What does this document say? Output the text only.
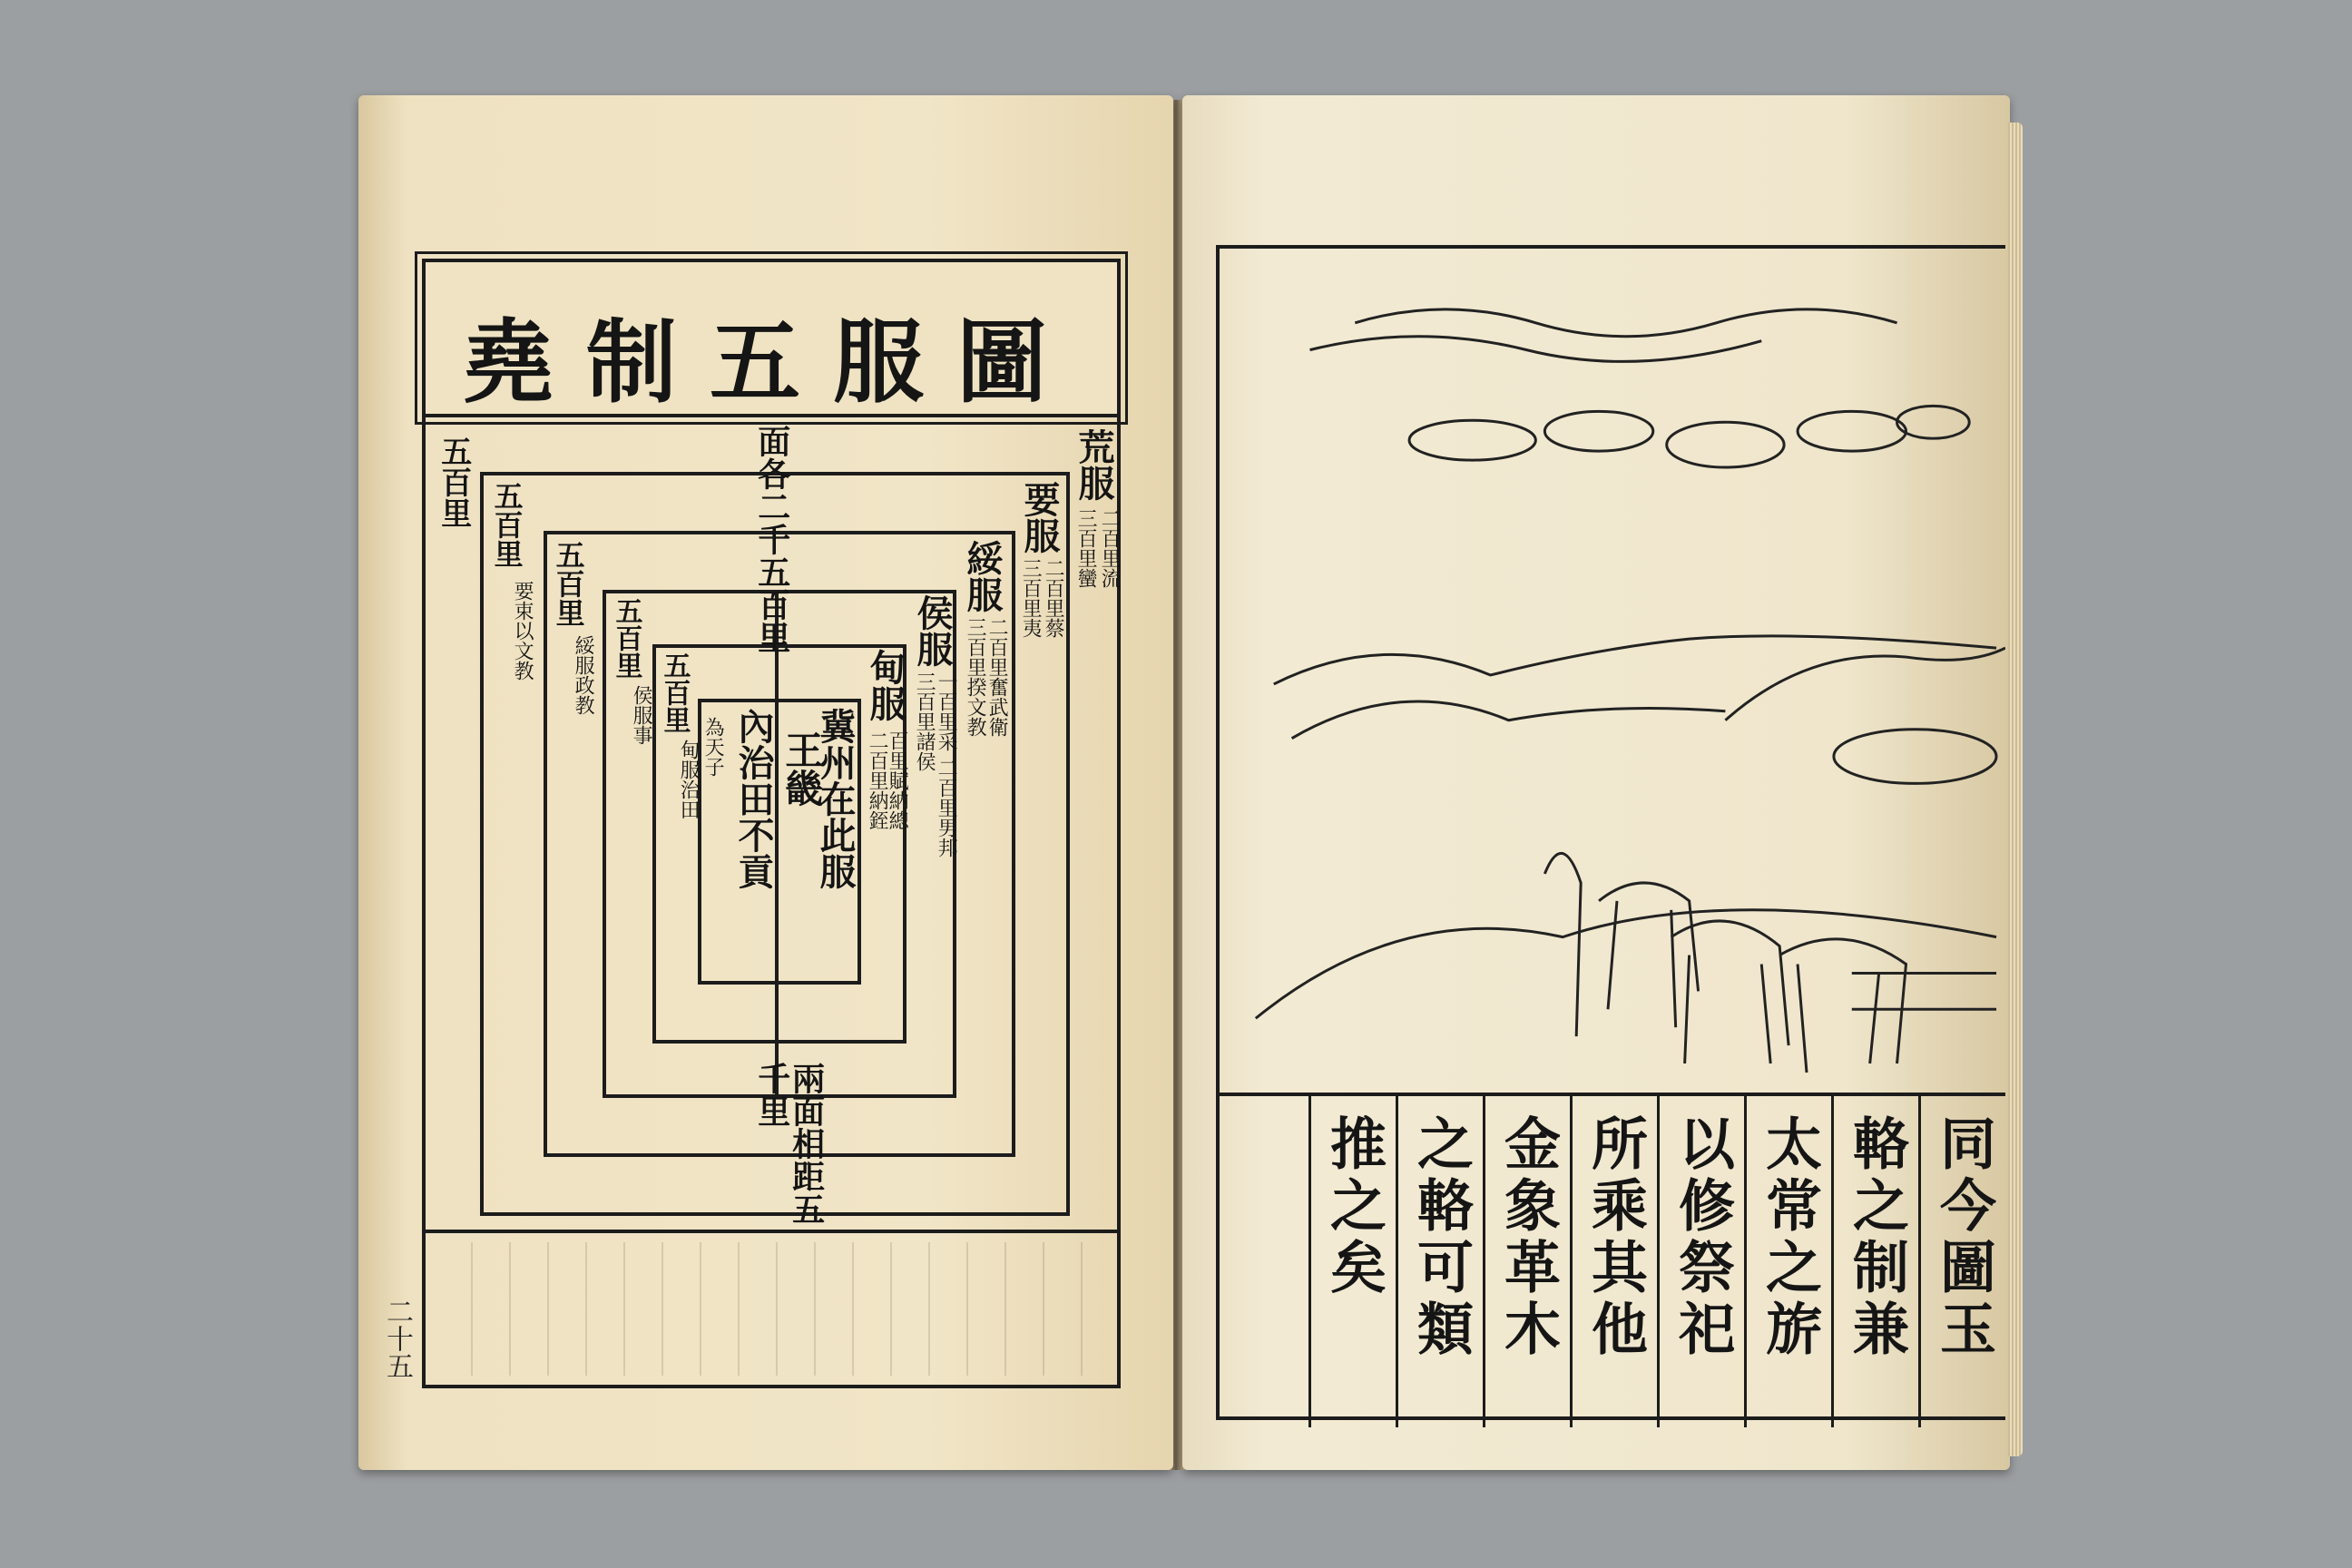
堯制五服圖
五百里	面各二千五百里
兩面相距五千里
荒服
二百里流
三百里蠻
要服
二百里蔡
三百里夷
綏服
二百里奮武衛
三百里揆文教
侯服
一百里采 二百里男邦
三百里諸侯
甸服
百里賦納總
二百里納銍
王畿
冀州在此服
內治田不貢
五百里
要束以文教 五百里
綏服政教 五百里
侯服事 五百里
甸服治田 為天子
二十五	同今圖玉
輅之制兼
太常之旂
以修祭祀
所乘其他
金象革木
之輅可類
推之矣
